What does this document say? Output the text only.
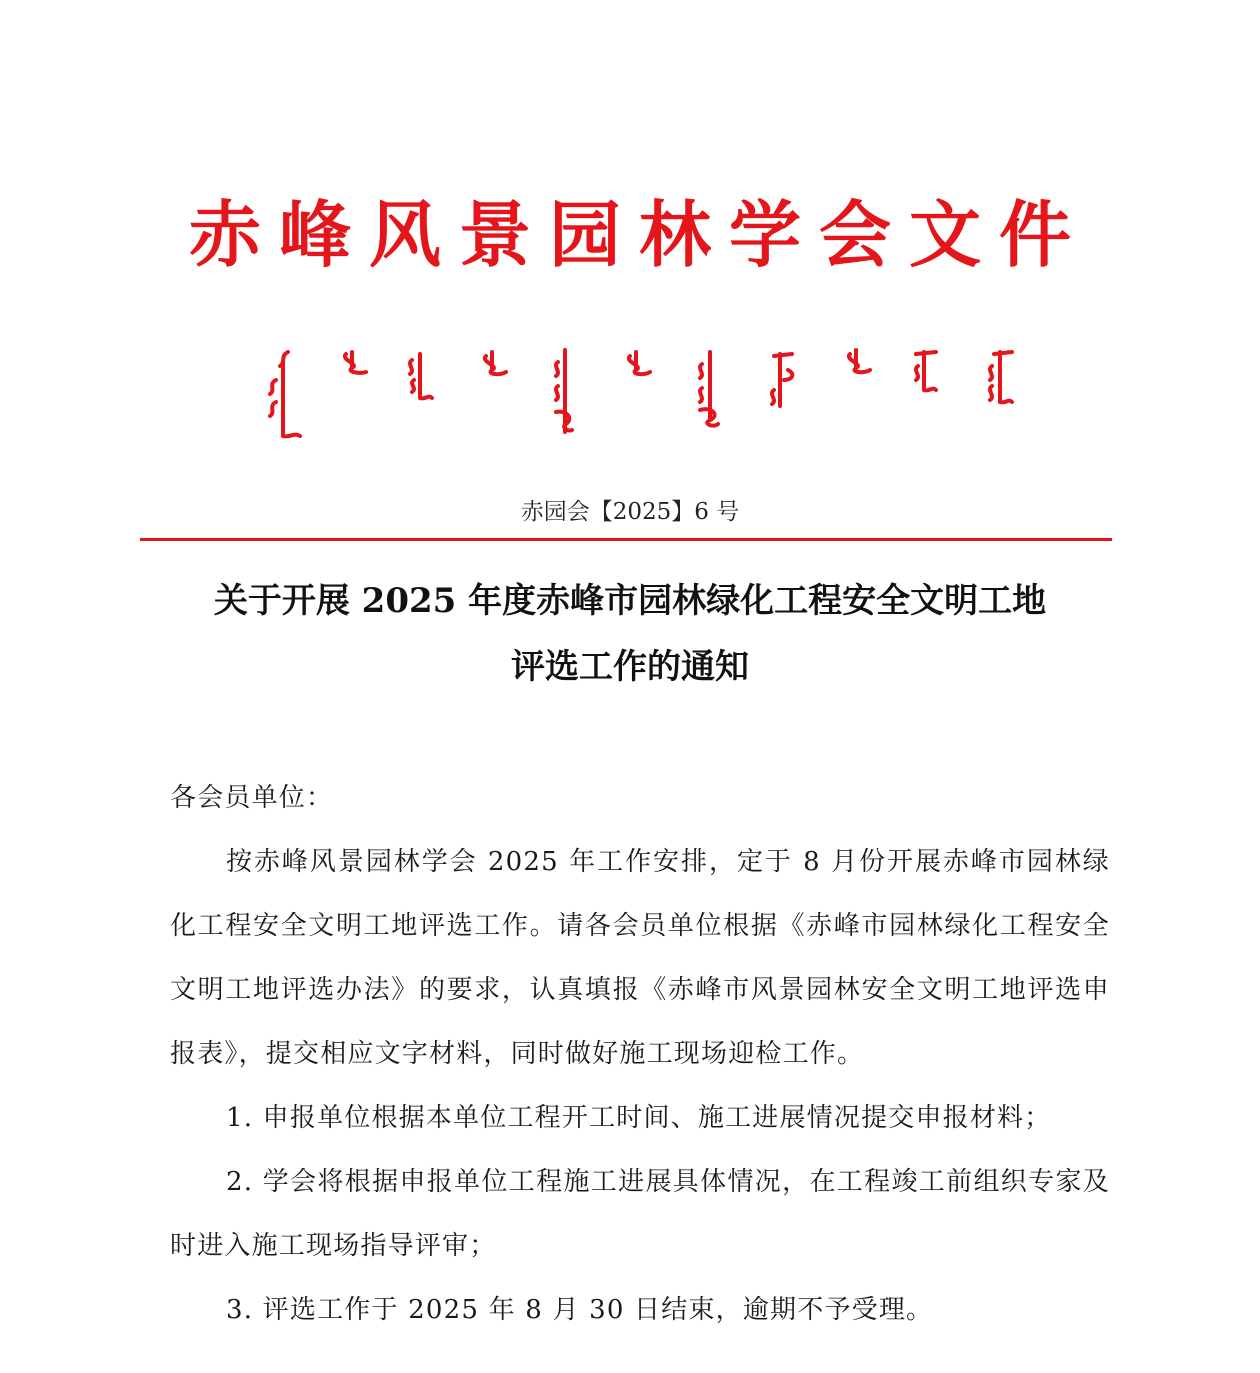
赤峰风景园林学会文件
赤园会【2025】6 号
关于开展 2025 年度赤峰市园林绿化工程安全文明工地
评选工作的通知

各会员单位：

按赤峰风景园林学会 2025 年工作安排，定于 8 月份开展赤峰市园林绿化工程安全文明工地评选工作。请各会员单位根据《赤峰市园林绿化工程安全文明工地评选办法》的要求，认真填报《赤峰市风景园林安全文明工地评选申报表》，提交相应文字材料，同时做好施工现场迎检工作。

1. 申报单位根据本单位工程开工时间、施工进展情况提交申报材料；

2. 学会将根据申报单位工程施工进展具体情况，在工程竣工前组织专家及时进入施工现场指导评审；

3. 评选工作于 2025 年 8 月 30 日结束，逾期不予受理。
